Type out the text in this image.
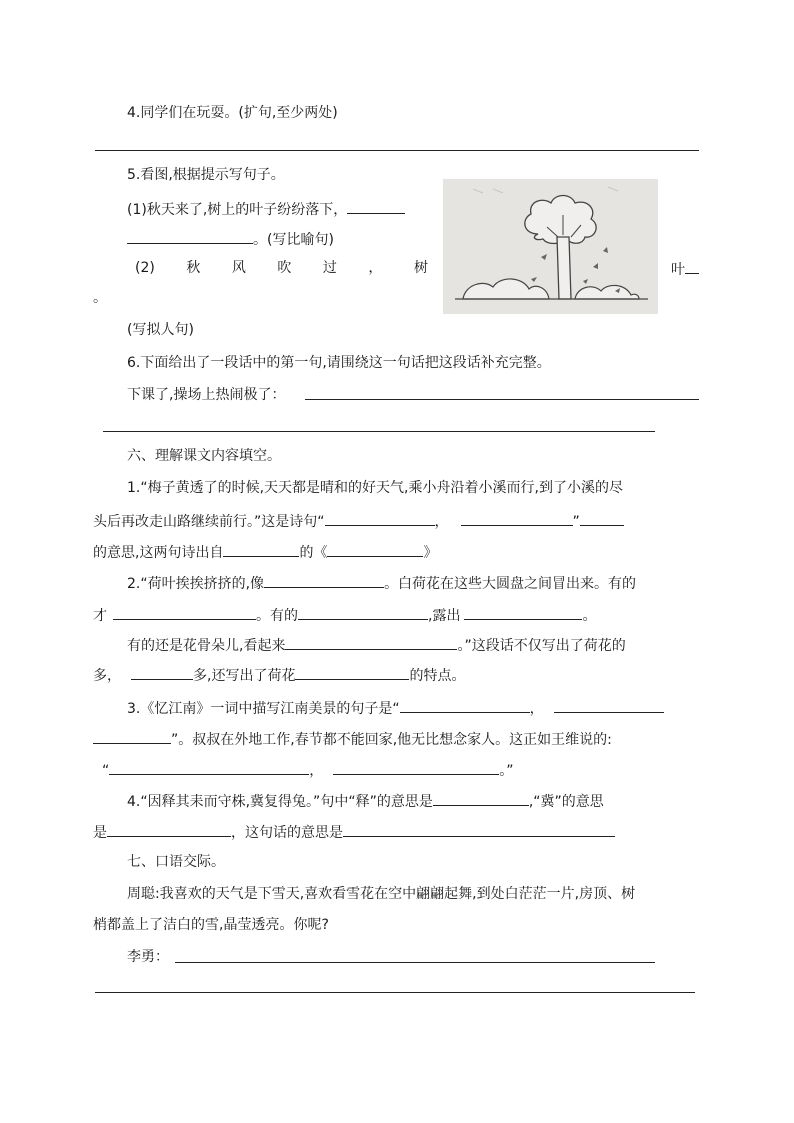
4.同学们在玩耍。(扩句,至少两处)
5.看图,根据提示写句子。
(1)秋天来了,树上的叶子纷纷落下，
。(写比喻句)
(2) 秋 风 吹 过 ， 树	叶
。
(写拟人句)
6.下面给出了一段话中的第一句,请围绕这一句话把这段话补充完整。
下课了,操场上热闹极了：
六、理解课文内容填空。
1.“梅子黄透了的时候,天天都是晴和的好天气,乘小舟沿着小溪而行,到了小溪的尽
头后再改走山路继续前行。”这是诗句“	，	”
的意思,这两句诗出自	的《	》
2.“荷叶挨挨挤挤的,像	。白荷花在这些大圆盘之间冒出来。有的
才	。有的	,露出	。
有的还是花骨朵儿,看起来	。”这段话不仅写出了荷花的
多，	多,还写出了荷花	的特点。
3.《忆江南》一词中描写江南美景的句子是“	，
”。叔叔在外地工作,春节都不能回家,他无比想念家人。这正如王维说的:
“	，	。”
4.“因释其耒而守株,冀复得兔。”句中“释”的意思是	,“冀”的意思
是	，这句话的意思是
七、口语交际。
周聪:我喜欢的天气是下雪天,喜欢看雪花在空中翩翩起舞,到处白茫茫一片,房顶、树
梢都盖上了洁白的雪,晶莹透亮。你呢?
李勇：
